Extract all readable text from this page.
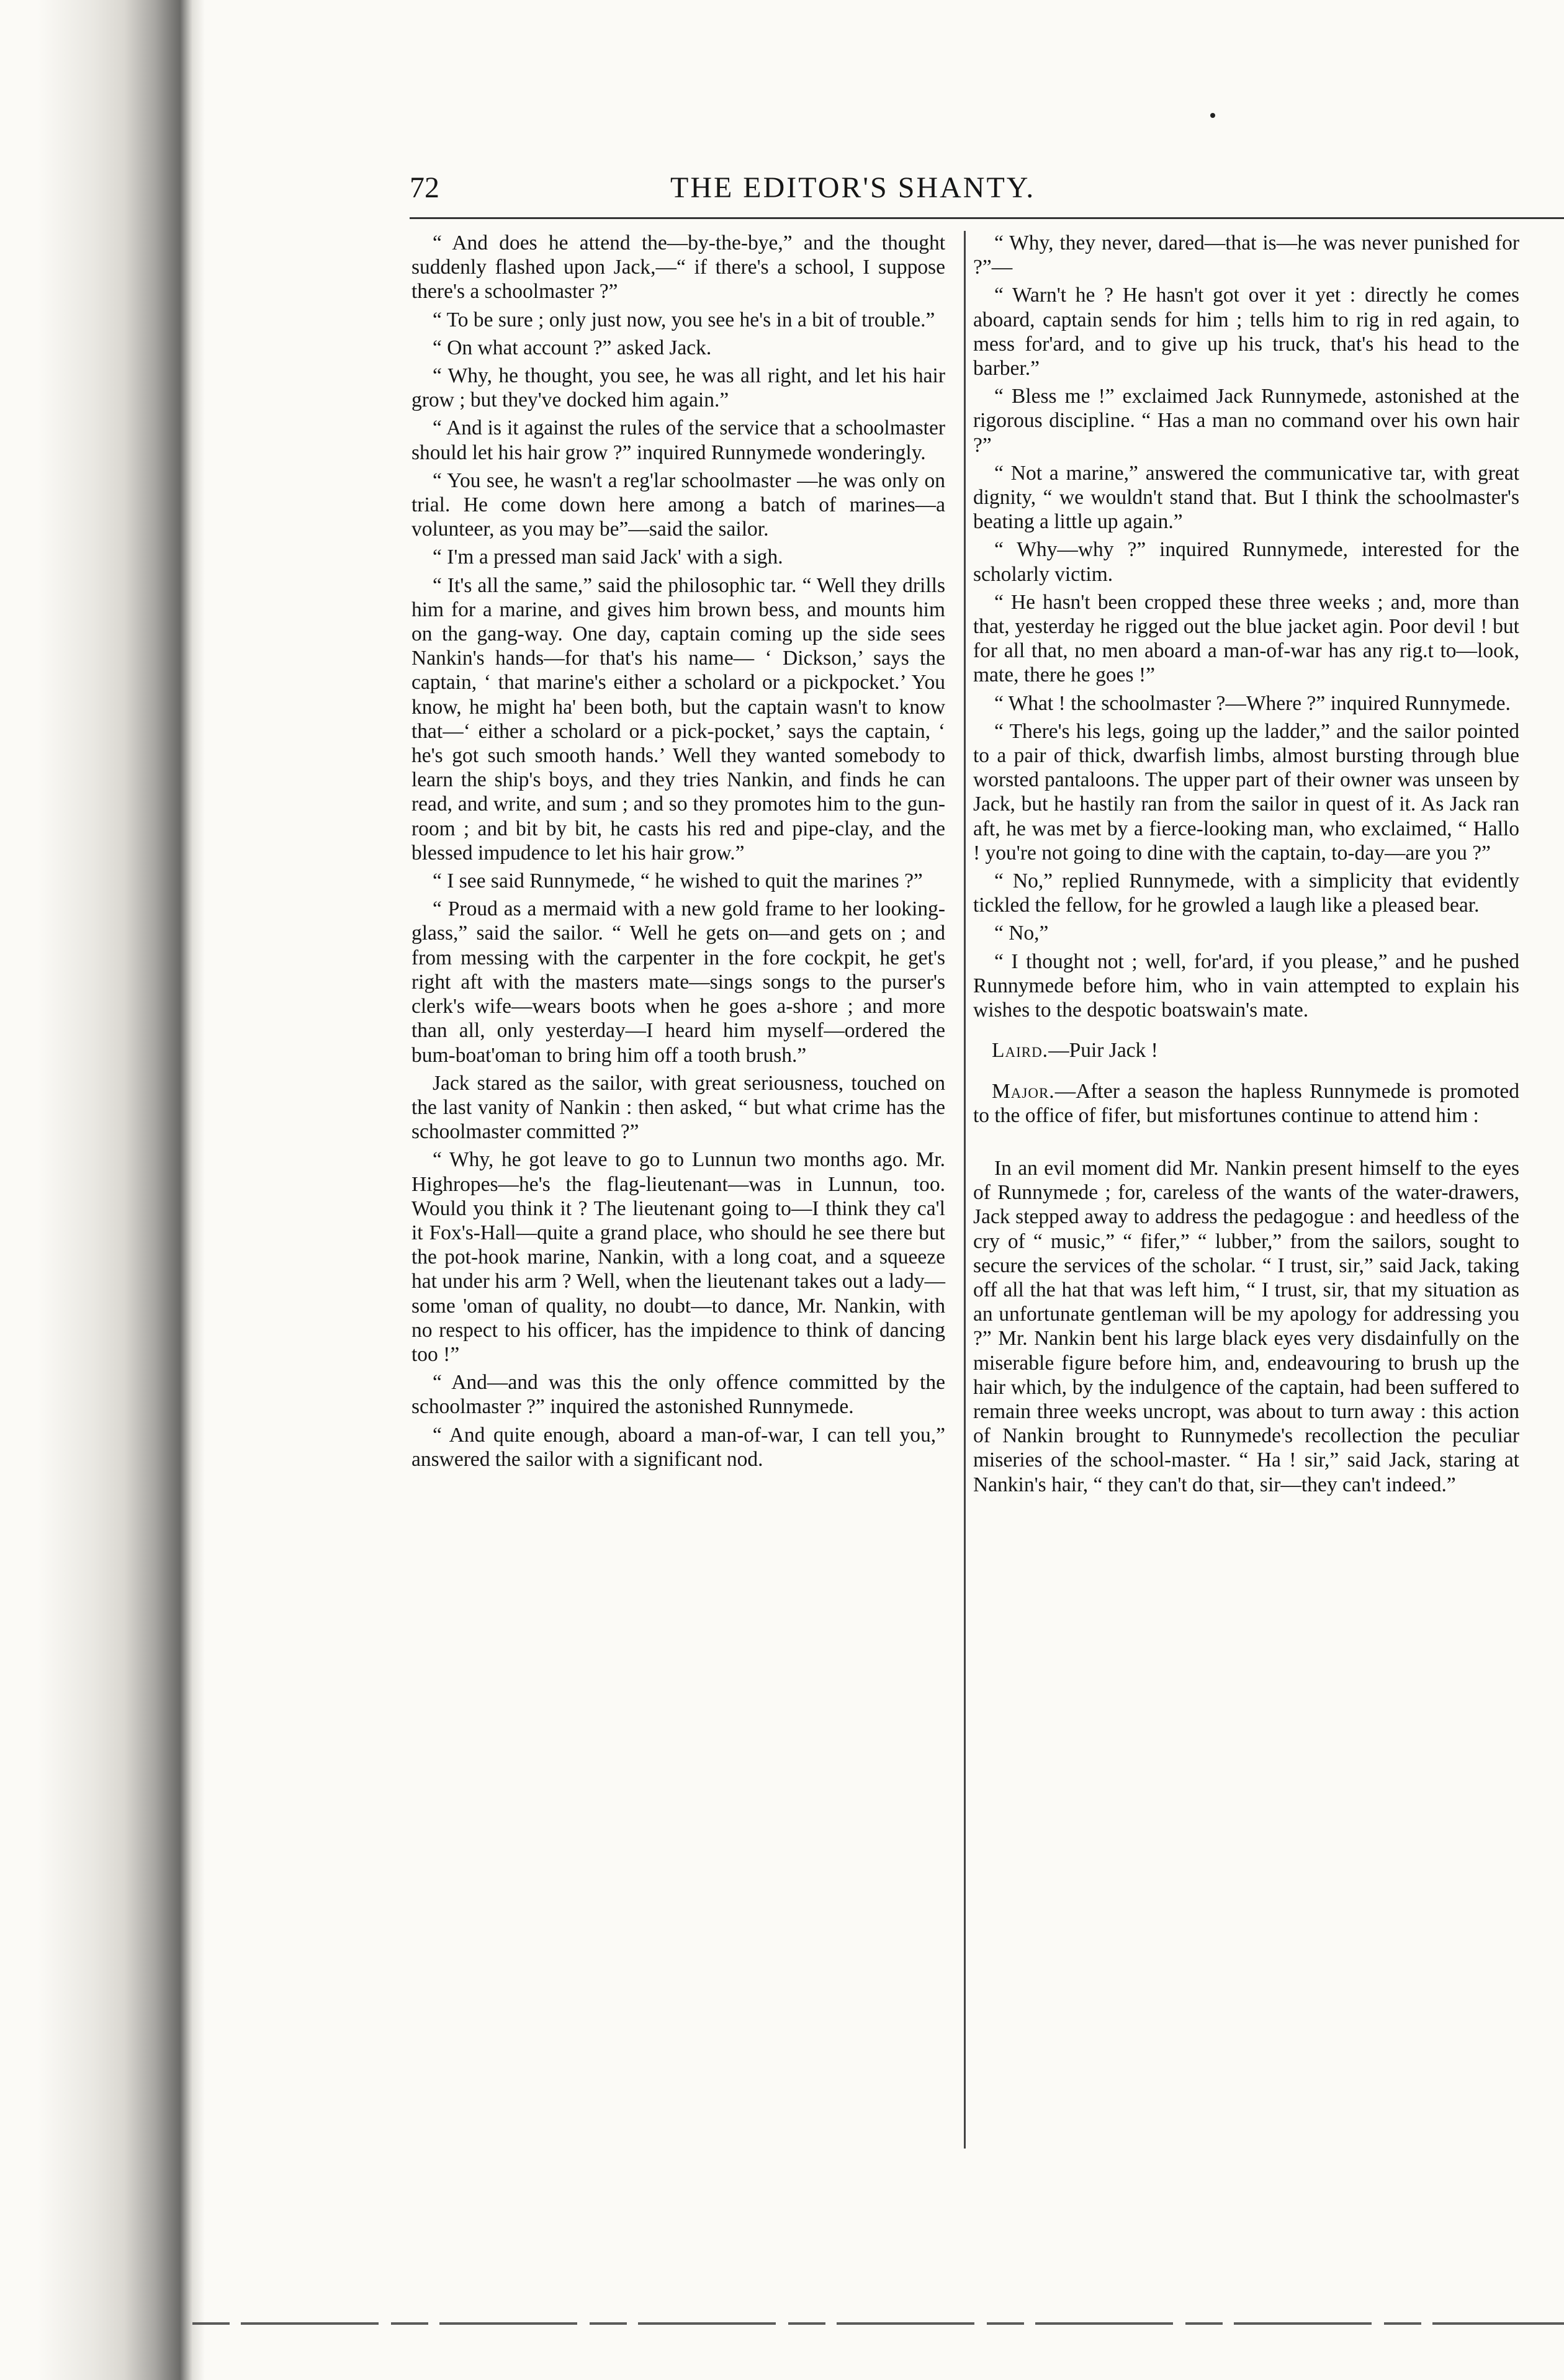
72	THE EDITOR'S SHANTY.

“ And does he attend the—by-the-bye,” and the thought suddenly flashed upon Jack,—“ if there's a school, I suppose there's a schoolmaster ?”

“ To be sure ; only just now, you see he's in a bit of trouble.”

“ On what account ?” asked Jack.

“ Why, he thought, you see, he was all right, and let his hair grow ; but they've docked him again.”

“ And is it against the rules of the service that a schoolmaster should let his hair grow ?” inquired Runnymede wonderingly.

“ You see, he wasn't a reg'lar schoolmaster —he was only on trial. He come down here among a batch of marines—a volunteer, as you may be”—said the sailor.

“ I'm a pressed man said Jack' with a sigh.

“ It's all the same,” said the philosophic tar. “ Well they drills him for a marine, and gives him brown bess, and mounts him on the gang-way. One day, captain coming up the side sees Nankin's hands—for that's his name— ‘ Dickson,’ says the captain, ‘ that marine's either a scholard or a pickpocket.’ You know, he might ha' been both, but the captain wasn't to know that—‘ either a scholard or a pick-pocket,’ says the captain, ‘ he's got such smooth hands.’ Well they wanted somebody to learn the ship's boys, and they tries Nankin, and finds he can read, and write, and sum ; and so they promotes him to the gun-room ; and bit by bit, he casts his red and pipe-clay, and the blessed impudence to let his hair grow.”

“ I see said Runnymede, “ he wished to quit the marines ?”

“ Proud as a mermaid with a new gold frame to her looking-glass,” said the sailor. “ Well he gets on—and gets on ; and from messing with the carpenter in the fore cockpit, he get's right aft with the masters mate—sings songs to the purser's clerk's wife—wears boots when he goes a-shore ; and more than all, only yesterday—I heard him myself—ordered the bum-boat'oman to bring him off a tooth brush.”

Jack stared as the sailor, with great seriousness, touched on the last vanity of Nankin : then asked, “ but what crime has the schoolmaster committed ?”

“ Why, he got leave to go to Lunnun two months ago. Mr. Highropes—he's the flag-lieutenant—was in Lunnun, too. Would you think it ? The lieutenant going to—I think they ca'l it Fox's-Hall—quite a grand place, who should he see there but the pot-hook marine, Nankin, with a long coat, and a squeeze hat under his arm ? Well, when the lieutenant takes out a lady—some 'oman of quality, no doubt—to dance, Mr. Nankin, with no respect to his officer, has the impidence to think of dancing too !”

“ And—and was this the only offence committed by the schoolmaster ?” inquired the astonished Runnymede.

“ And quite enough, aboard a man-of-war, I can tell you,” answered the sailor with a significant nod.

“ Why, they never, dared—that is—he was never punished for ?”—

“ Warn't he ? He hasn't got over it yet : directly he comes aboard, captain sends for him ; tells him to rig in red again, to mess for'ard, and to give up his truck, that's his head to the barber.”

“ Bless me !” exclaimed Jack Runnymede, astonished at the rigorous discipline. “ Has a man no command over his own hair ?”

“ Not a marine,” answered the communicative tar, with great dignity, “ we wouldn't stand that. But I think the schoolmaster's beating a little up again.”

“ Why—why ?” inquired Runnymede, interested for the scholarly victim.

“ He hasn't been cropped these three weeks ; and, more than that, yesterday he rigged out the blue jacket agin. Poor devil ! but for all that, no men aboard a man-of-war has any rig.t to—look, mate, there he goes !”

“ What ! the schoolmaster ?—Where ?” inquired Runnymede.

“ There's his legs, going up the ladder,” and the sailor pointed to a pair of thick, dwarfish limbs, almost bursting through blue worsted pantaloons. The upper part of their owner was unseen by Jack, but he hastily ran from the sailor in quest of it. As Jack ran aft, he was met by a fierce-looking man, who exclaimed, “ Hallo ! you're not going to dine with the captain, to-day—are you ?”

“ No,” replied Runnymede, with a simplicity that evidently tickled the fellow, for he growled a laugh like a pleased bear.

“ No,”

“ I thought not ; well, for'ard, if you please,” and he pushed Runnymede before him, who in vain attempted to explain his wishes to the despotic boatswain's mate.

Laird.—Puir Jack !

Major.—After a season the hapless Runnymede is promoted to the office of fifer, but misfortunes continue to attend him :

In an evil moment did Mr. Nankin present himself to the eyes of Runnymede ; for, careless of the wants of the water-drawers, Jack stepped away to address the pedagogue : and heedless of the cry of “ music,” “ fifer,” “ lubber,” from the sailors, sought to secure the services of the scholar. “ I trust, sir,” said Jack, taking off all the hat that was left him, “ I trust, sir, that my situation as an unfortunate gentleman will be my apology for addressing you ?” Mr. Nankin bent his large black eyes very disdainfully on the miserable figure before him, and, endeavouring to brush up the hair which, by the indulgence of the captain, had been suffered to remain three weeks uncropt, was about to turn away : this action of Nankin brought to Runnymede's recollection the peculiar miseries of the school-master. “ Ha ! sir,” said Jack, staring at Nankin's hair, “ they can't do that, sir—they can't indeed.”
